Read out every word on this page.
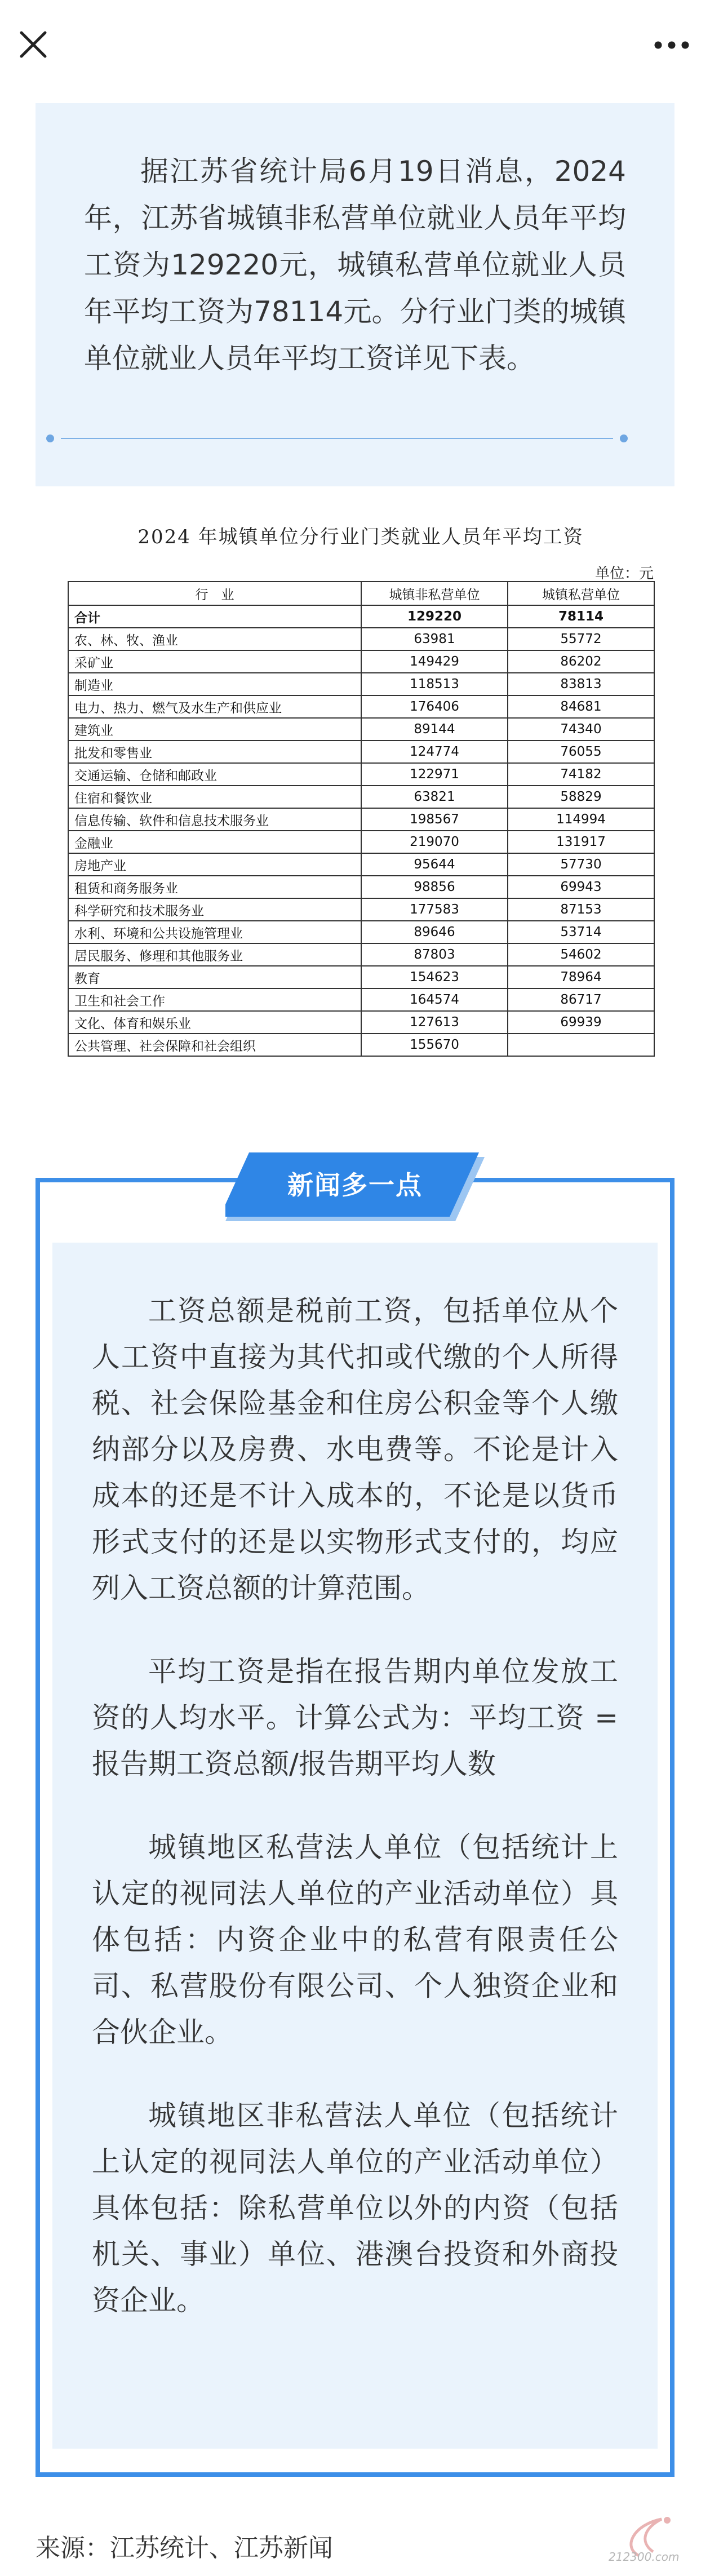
据江苏省统计局6月19日消息，2024年，江苏省城镇非私营单位就业人员年平均工资为129220元，城镇私营单位就业人员年平均工资为78114元。分行业门类的城镇单位就业人员年平均工资详见下表。

2024 年城镇单位分行业门类就业人员年平均工资
单位：元
行　业	城镇非私营单位	城镇私营单位
合计	129220	78114
农、林、牧、渔业	63981	55772
采矿业	149429	86202
制造业	118513	83813
电力、热力、燃气及水生产和供应业	176406	84681
建筑业	89144	74340
批发和零售业	124774	76055
交通运输、仓储和邮政业	122971	74182
住宿和餐饮业	63821	58829
信息传输、软件和信息技术服务业	198567	114994
金融业	219070	131917
房地产业	95644	57730
租赁和商务服务业	98856	69943
科学研究和技术服务业	177583	87153
水利、环境和公共设施管理业	89646	53714
居民服务、修理和其他服务业	87803	54602
教育	154623	78964
卫生和社会工作	164574	86717
文化、体育和娱乐业	127613	69939
公共管理、社会保障和社会组织	155670	
新闻多一点

工资总额是税前工资，包括单位从个人工资中直接为其代扣或代缴的个人所得税、社会保险基金和住房公积金等个人缴纳部分以及房费、水电费等。不论是计入成本的还是不计入成本的，不论是以货币形式支付的还是以实物形式支付的，均应列入工资总额的计算范围。

平均工资是指在报告期内单位发放工资的人均水平。计算公式为：平均工资 = 报告期工资总额/报告期平均人数

城镇地区私营法人单位（包括统计上认定的视同法人单位的产业活动单位）具体包括：内资企业中的私营有限责任公司、私营股份有限公司、个人独资企业和合伙企业。

城镇地区非私营法人单位（包括统计上认定的视同法人单位的产业活动单位）具体包括：除私营单位以外的内资（包括机关、事业）单位、港澳台投资和外商投资企业。

来源：江苏统计、江苏新闻	212300.com
